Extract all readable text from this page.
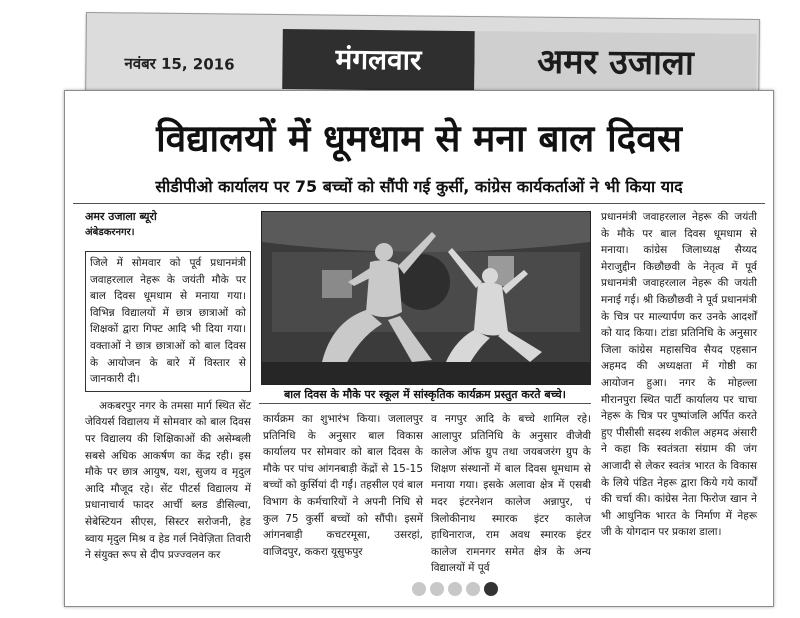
नवंबर 15, 2016	मंगलवार	अमर उजाला
विद्यालयों में धूमधाम से मना बाल दिवस
सीडीपीओ कार्यालय पर 75 बच्चों को सौंपी गई कुर्सी, कांग्रेस कार्यकर्ताओं ने भी किया याद

अमर उजाला ब्यूरो

अंबेडकरनगर।

जिले में सोमवार को पूर्व प्रधानमंत्री जवाहरलाल नेहरू के जयंती मौके पर बाल दिवस धूमधाम से मनाया गया। विभिन्न विद्यालयों में छात्र छात्राओं को शिक्षकों द्वारा गिफ्ट आदि भी दिया गया। वक्ताओं ने छात्र छात्राओं को बाल दिवस के आयोजन के बारे में विस्तार से जानकारी दी।

अकबरपुर नगर के तमसा मार्ग स्थित सेंट जेवियर्स विद्यालय में सोमवार को बाल दिवस पर विद्यालय की शिक्षिकाओं की असेम्बली सबसे अधिक आकर्षण का केंद्र रही। इस मौके पर छात्र आयुष, यश, सुजय व मृदुल आदि मौजूद रहे। सेंट पीटर्स विद्यालय में प्रधानाचार्य फादर आर्ची ब्लड डीसिल्वा, सेबेस्टियन सीएस, सिस्टर सरोजनी, हेड ब्वाय मृदुल मिश्र व हेड गर्ल निवेज़िता तिवारी ने संयुक्त रूप से दीप प्रज्ज्वलन कर

बाल दिवस के मौके पर स्कूल में सांस्कृतिक कार्यक्रम प्रस्तुत करते बच्चे।

कार्यक्रम का शुभारंभ किया। जलालपुर प्रतिनिधि के अनुसार बाल विकास कार्यालय पर सोमवार को बाल दिवस के मौके पर पांच आंगनबाड़ी केंद्रों से 15-15 बच्चों को कुर्सियां दी गईं। तहसील एवं बाल विभाग के कर्मचारियों ने अपनी निधि से कुल 75 कुर्सी बच्चों को सौंपी। इसमें आंगनबाड़ी कचटरमूसा, उसरहां, वाजिदपुर, ककरा यूसुफपुर

व नगपुर आदि के बच्चे शामिल रहे। आलापुर प्रतिनिधि के अनुसार वीजेवी कालेज ऑफ ग्रुप तथा जयबजरंग ग्रुप के शिक्षण संस्थानों में बाल दिवस धूमधाम से मनाया गया। इसके अलावा क्षेत्र में एसबी मदर इंटरनेशन कालेज अन्नापुर, पं त्रिलोकीनाथ स्मारक इंटर कालेज हाथिनाराज, राम अवध स्मारक इंटर कालेज रामनगर समेत क्षेत्र के अन्य विद्यालयों में पूर्व

प्रधानमंत्री जवाहरलाल नेहरू की जयंती के मौके पर बाल दिवस धूमधाम से मनाया। कांग्रेस जिलाध्यक्ष सैय्यद मेराजुद्दीन किछौछवी के नेतृत्व में पूर्व प्रधानमंत्री जवाहरलाल नेहरू की जयंती मनाई गई। श्री किछौछवी ने पूर्व प्रधानमंत्री के चित्र पर माल्यार्पण कर उनके आदर्शों को याद किया। टांडा प्रतिनिधि के अनुसार जिला कांग्रेस महासचिव सैयद एहसान अहमद की अध्यक्षता में गोष्ठी का आयोजन हुआ। नगर के मोहल्ला मीरानपुरा स्थित पार्टी कार्यालय पर चाचा नेहरू के चित्र पर पुष्पांजलि अर्पित करते हुए पीसीसी सदस्य शकील अहमद अंसारी ने कहा कि स्वतंत्रता संग्राम की जंग आजादी से लेकर स्वतंत्र भारत के विकास के लिये पंडित नेहरू द्वारा किये गये कार्यों की चर्चा की। कांग्रेस नेता फिरोज खान ने भी आधुनिक भारत के निर्माण में नेहरू जी के योगदान पर प्रकाश डाला।
